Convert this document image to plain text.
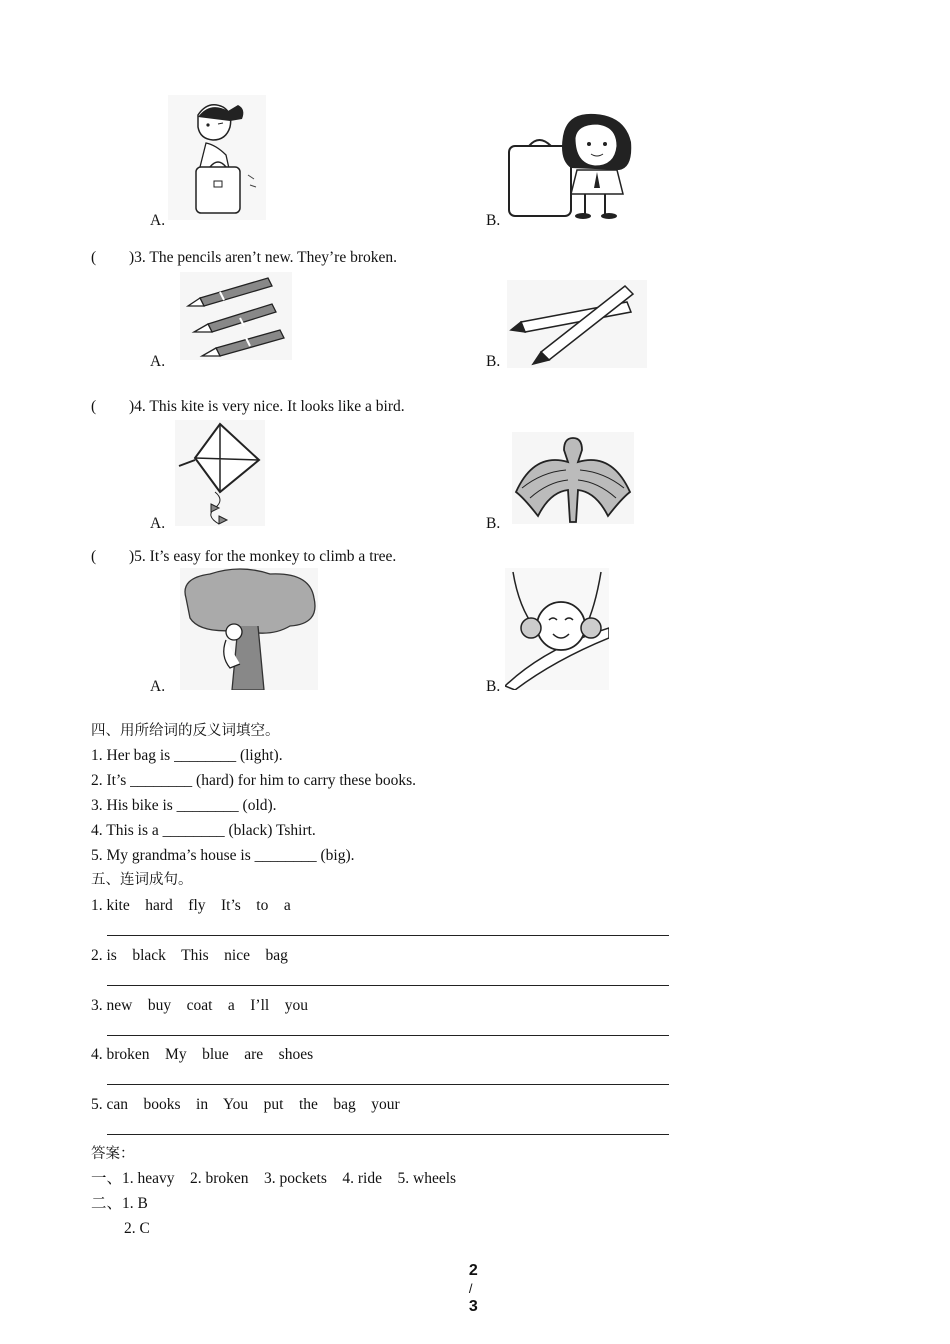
A.	B.
( )3. The pencils aren’t new. They’re broken.
A.	B.
( )4. This kite is very nice. It looks like a bird.
A.	B.
( )5. It’s easy for the monkey to climb a tree.
A.	B.
四、用所给词的反义词填空。
1. Her bag is ________ (light).
2. It’s ________ (hard) for him to carry these books.
3. His bike is ________ (old).
4. This is a ________ (black) Tshirt.
5. My grandma’s house is ________ (big).
五、连词成句。
1. kite    hard    fly    It’s    to    a
2. is    black    This    nice    bag
3. new    buy    coat    a    I’ll    you
4. broken    My    blue    are    shoes
5. can    books    in    You    put    the    bag    your
答案：
一、1. heavy    2. broken    3. pockets    4. ride    5. wheels
二、1. B
2. C

2
/
3
